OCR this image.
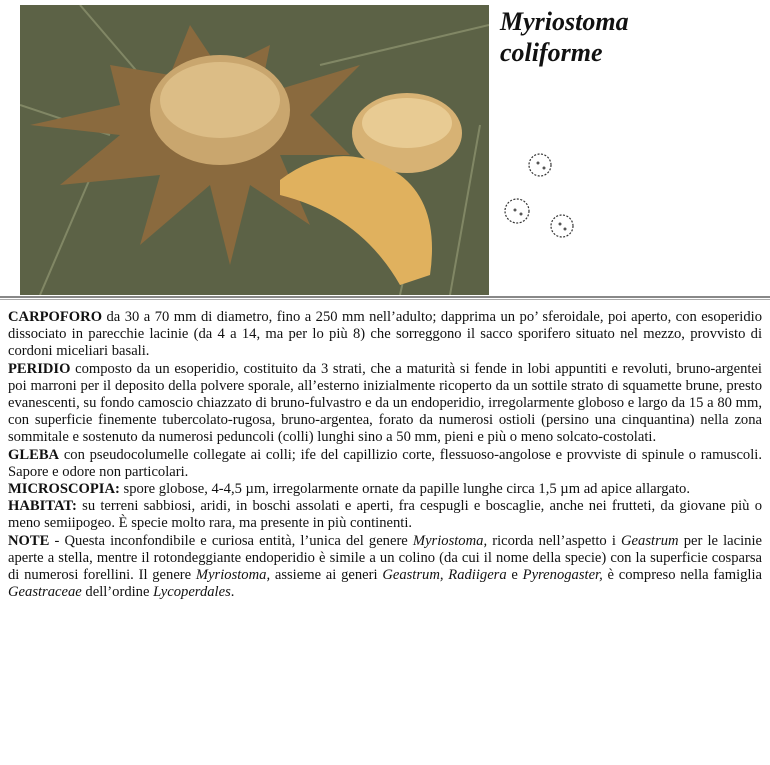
Myriostoma
coliforme

CARPOFORO da 30 a 70 mm di diametro, fino a 250 mm nell’adulto; dapprima un po’ sferoidale, poi aperto, con esoperidio dissociato in parecchie lacinie (da 4 a 14, ma per lo più 8) che sorreggono il sacco sporifero situato nel mezzo, provvisto di cordoni miceliari basali.

PERIDIO composto da un esoperidio, costituito da 3 strati, che a maturità si fende in lobi appuntiti e revoluti, bruno-argentei poi marroni per il deposito della polvere sporale, all’esterno inizialmente ricoperto da un sottile strato di squamette brune, presto evanescenti, su fondo camoscio chiazzato di bruno-fulvastro e da un endoperidio, irregolarmente globoso e largo da 15 a 80 mm, con superficie finemente tubercolato-rugosa, bruno-argentea, forato da numerosi ostioli (persino una cinquantina) nella zona sommitale e sostenuto da numerosi peduncoli (colli) lunghi sino a 50 mm, pieni e più o meno solcato-costolati.

GLEBA con pseudocolumelle collegate ai colli; ife del capillizio corte, flessuoso-angolose e provviste di spinule o ramuscoli. Sapore e odore non particolari.

MICROSCOPIA: spore globose, 4-4,5 µm, irregolarmente ornate da papille lunghe circa 1,5 µm ad apice allargato.

HABITAT: su terreni sabbiosi, aridi, in boschi assolati e aperti, fra cespugli e boscaglie, anche nei frutteti, da giovane più o meno semiipogeo. È specie molto rara, ma presente in più continenti.

NOTE - Questa inconfondibile e curiosa entità, l’unica del genere Myriostoma, ricorda nell’aspetto i Geastrum per le lacinie aperte a stella, mentre il rotondeggiante endoperidio è simile a un colino (da cui il nome della specie) con la superficie cosparsa di numerosi forellini. Il genere Myriostoma, assieme ai generi Geastrum, Radiigera e Pyrenogaster, è compreso nella famiglia Geastraceae dell’ordine Lycoperdales.
